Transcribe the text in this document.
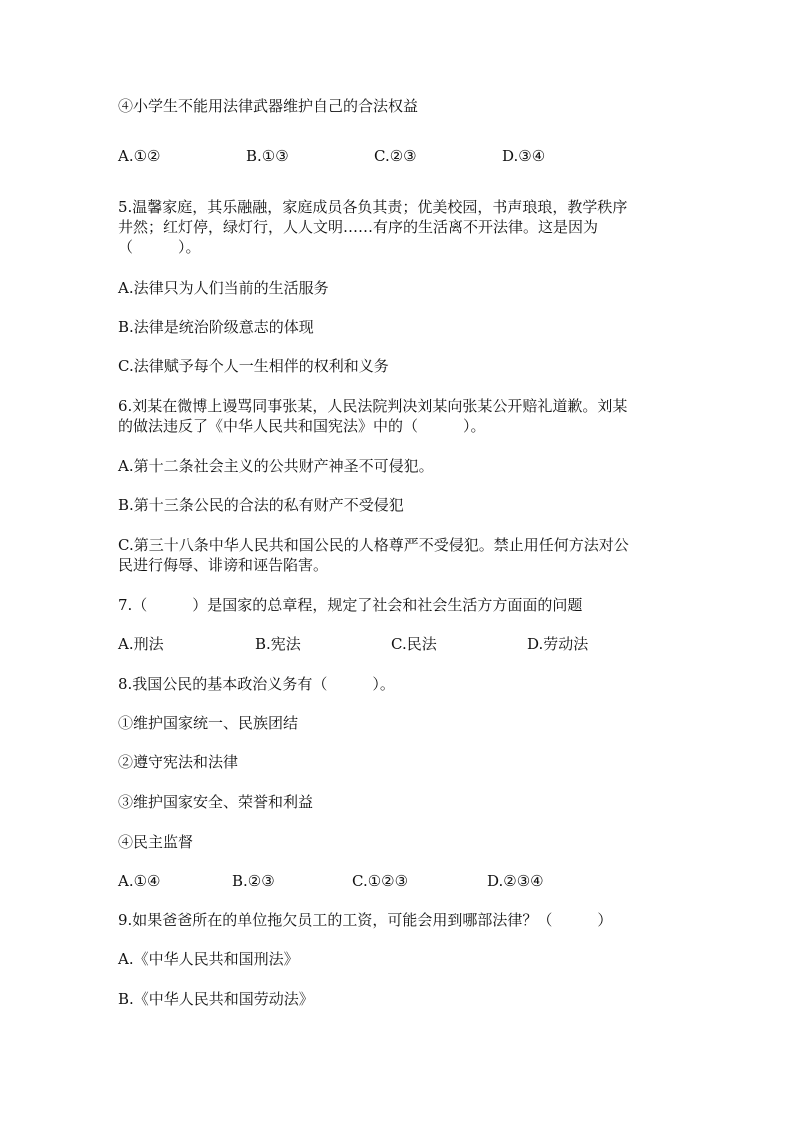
④小学生不能用法律武器维护自己的合法权益
A.①②	B.①③	C.②③	D.③④
5.温馨家庭，其乐融融，家庭成员各负其责；优美校园，书声琅琅，教学秩序
井然；红灯停，绿灯行，人人文明……有序的生活离不开法律。这是因为
（　　　）。
A.法律只为人们当前的生活服务
B.法律是统治阶级意志的体现
C.法律赋予每个人一生相伴的权利和义务
6.刘某在微博上谩骂同事张某，人民法院判决刘某向张某公开赔礼道歉。刘某
的做法违反了《中华人民共和国宪法》中的（　　　）。
A.第十二条社会主义的公共财产神圣不可侵犯。
B.第十三条公民的合法的私有财产不受侵犯
C.第三十八条中华人民共和国公民的人格尊严不受侵犯。禁止用任何方法对公
民进行侮辱、诽谤和诬告陷害。
7.（　　　）是国家的总章程，规定了社会和社会生活方方面面的问题
A.刑法	B.宪法	C.民法	D.劳动法
8.我国公民的基本政治义务有（　　　）。
①维护国家统一、民族团结
②遵守宪法和法律
③维护国家安全、荣誉和利益
④民主监督
A.①④	B.②③	C.①②③	D.②③④
9.如果爸爸所在的单位拖欠员工的工资，可能会用到哪部法律？（　　　）
A.《中华人民共和国刑法》
B.《中华人民共和国劳动法》
